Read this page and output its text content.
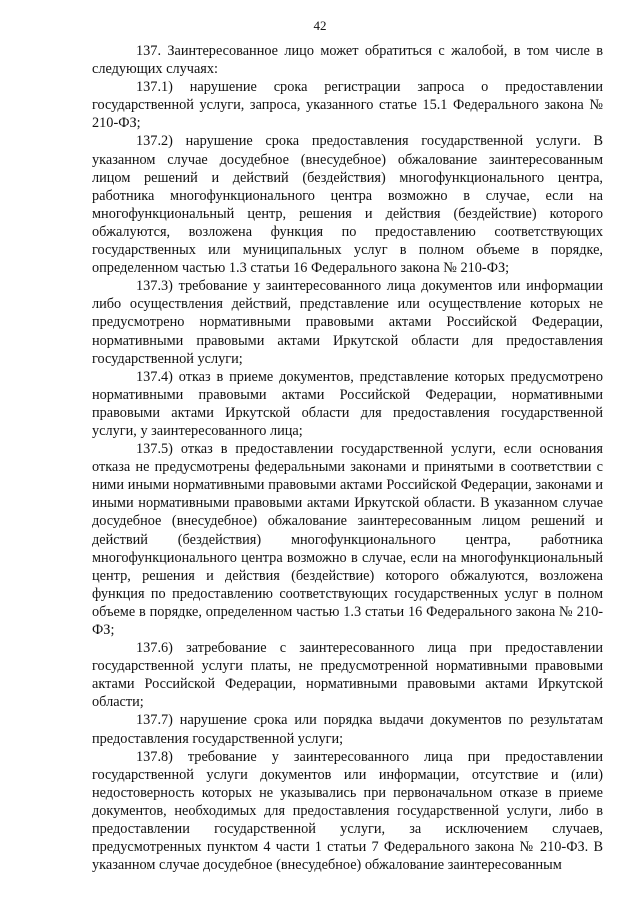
42

137. Заинтересованное лицо может обратиться с жалобой, в том числе в следующих случаях:

137.1) нарушение срока регистрации запроса о предоставлении государственной услуги, запроса, указанного статье 15.1 Федерального закона № 210-ФЗ;

137.2) нарушение срока предоставления государственной услуги. В указанном случае досудебное (внесудебное) обжалование заинтересованным лицом решений и действий (бездействия) многофункционального центра, работника многофункционального центра возможно в случае, если на многофункциональный центр, решения и действия (бездействие) которого обжалуются, возложена функция по предоставлению соответствующих государственных или муниципальных услуг в полном объеме в порядке, определенном частью 1.3 статьи 16 Федерального закона № 210-ФЗ;

137.3) требование у заинтересованного лица документов или информации либо осуществления действий, представление или осуществление которых не предусмотрено нормативными правовыми актами Российской Федерации, нормативными правовыми актами Иркутской области для предоставления государственной услуги;

137.4) отказ в приеме документов, представление которых предусмотрено нормативными правовыми актами Российской Федерации, нормативными правовыми актами Иркутской области для предоставления государственной услуги, у заинтересованного лица;

137.5) отказ в предоставлении государственной услуги, если основания отказа не предусмотрены федеральными законами и принятыми в соответствии с ними иными нормативными правовыми актами Российской Федерации, законами и иными нормативными правовыми актами Иркутской области. В указанном случае досудебное (внесудебное) обжалование заинтересованным лицом решений и действий (бездействия) многофункционального центра, работника многофункционального центра возможно в случае, если на многофункциональный центр, решения и действия (бездействие) которого обжалуются, возложена функция по предоставлению соответствующих государственных услуг в полном объеме в порядке, определенном частью 1.3 статьи 16 Федерального закона № 210-ФЗ;

137.6) затребование с заинтересованного лица при предоставлении государственной услуги платы, не предусмотренной нормативными правовыми актами Российской Федерации, нормативными правовыми актами Иркутской области;

137.7) нарушение срока или порядка выдачи документов по результатам предоставления государственной услуги;

137.8) требование у заинтересованного лица при предоставлении государственной услуги документов или информации, отсутствие и (или) недостоверность которых не указывались при первоначальном отказе в приеме документов, необходимых для предоставления государственной услуги, либо в предоставлении государственной услуги, за исключением случаев, предусмотренных пунктом 4 части 1 статьи 7 Федерального закона № 210-ФЗ. В указанном случае досудебное (внесудебное) обжалование заинтересованным
